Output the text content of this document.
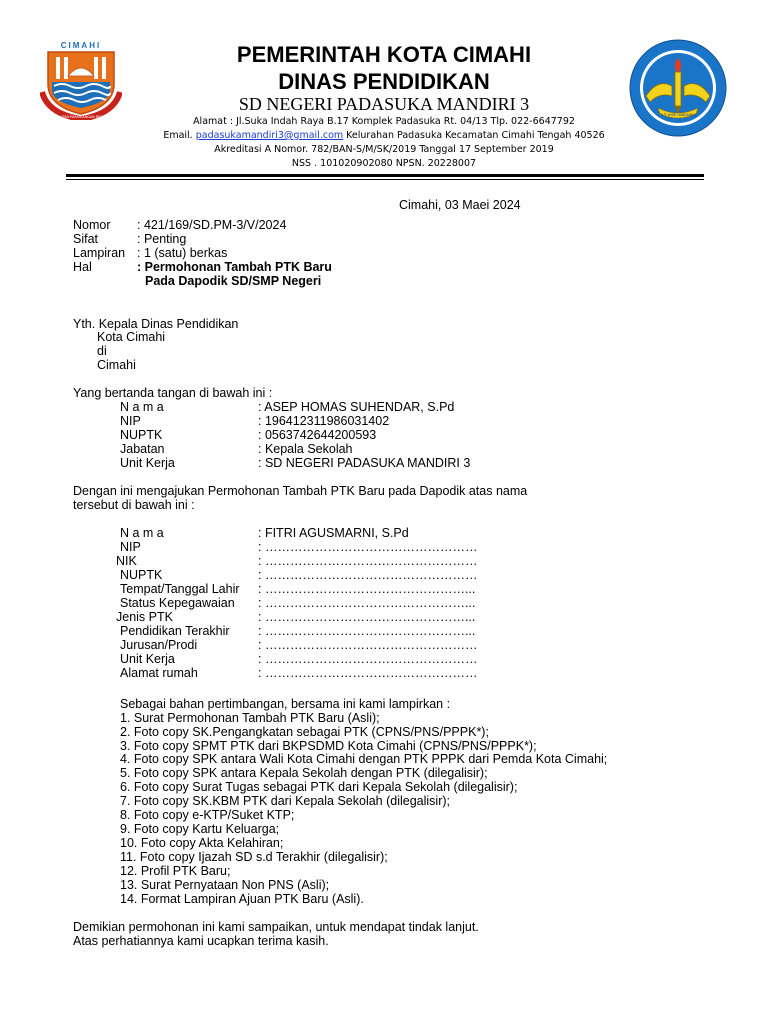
CIMAHI
BALUTAN PARAHIANGAN NEGERI	TUT WURI HANDAYANI
PEMERINTAH KOTA CIMAHI
DINAS PENDIDIKAN
SD NEGERI PADASUKA MANDIRI 3
Alamat : Jl.Suka Indah Raya B.17 Komplek Padasuka Rt. 04/13 Tlp. 022-6647792
Email. padasukamandiri3@gmail.com Kelurahan Padasuka Kecamatan Cimahi Tengah 40526
Akreditasi A Nomor. 782/BAN-S/M/SK/2019 Tanggal 17 September 2019
NSS . 101020902080 NPSN. 20228007
Cimahi, 03 Maei 2024
Nomor : 421/169/SD.PM-3/V/2024
Sifat	: Penting
Lampiran : 1 (satu) berkas
Hal	: Permohonan Tambah PTK Baru
Pada Dapodik SD/SMP Negeri
Yth. Kepala Dinas Pendidikan
Kota Cimahi
di
Cimahi
Yang bertanda tangan di bawah ini :
N a m a	: ASEP HOMAS SUHENDAR, S.Pd
NIP	: 196412311986031402
NUPTK	: 0563742644200593
Jabatan	: Kepala Sekolah
Unit Kerja	: SD NEGERI PADASUKA MANDIRI 3
Dengan ini mengajukan Permohonan Tambah PTK Baru pada Dapodik atas nama
tersebut di bawah ini :
N a m a	: FITRI AGUSMARNI, S.Pd
NIP	: ……………………………………………
NIK	: ……………………………………………
NUPTK	: ……………………………………………
Tempat/Tanggal Lahir : …………………………………………...
Status Kepegawaian : …………………………………………...
Jenis PTK	: …………………………………………...
Pendidikan Terakhir : …………………………………………...
Jurusan/Prodi	: ……………………………………………
Unit Kerja	: ……………………………………………
Alamat rumah	: ……………………………………………
Sebagai bahan pertimbangan, bersama ini kami lampirkan :
1. Surat Permohonan Tambah PTK Baru (Asli);
2. Foto copy SK.Pengangkatan sebagai PTK (CPNS/PNS/PPPK*);
3. Foto copy SPMT PTK dari BKPSDMD Kota Cimahi (CPNS/PNS/PPPK*);
4. Foto copy SPK antara Wali Kota Cimahi dengan PTK PPPK dari Pemda Kota Cimahi;
5. Foto copy SPK antara Kepala Sekolah dengan PTK (dilegalisir);
6. Foto copy Surat Tugas sebagai PTK dari Kepala Sekolah (dilegalisir);
7. Foto copy SK.KBM PTK dari Kepala Sekolah (dilegalisir);
8. Foto copy e-KTP/Suket KTP;
9. Foto copy Kartu Keluarga;
10. Foto copy Akta Kelahiran;
11. Foto copy Ijazah SD s.d Terakhir (dilegalisir);
12. Profil PTK Baru;
13. Surat Pernyataan Non PNS (Asli);
14. Format Lampiran Ajuan PTK Baru (Asli).
Demikian permohonan ini kami sampaikan, untuk mendapat tindak lanjut.
Atas perhatiannya kami ucapkan terima kasih.
